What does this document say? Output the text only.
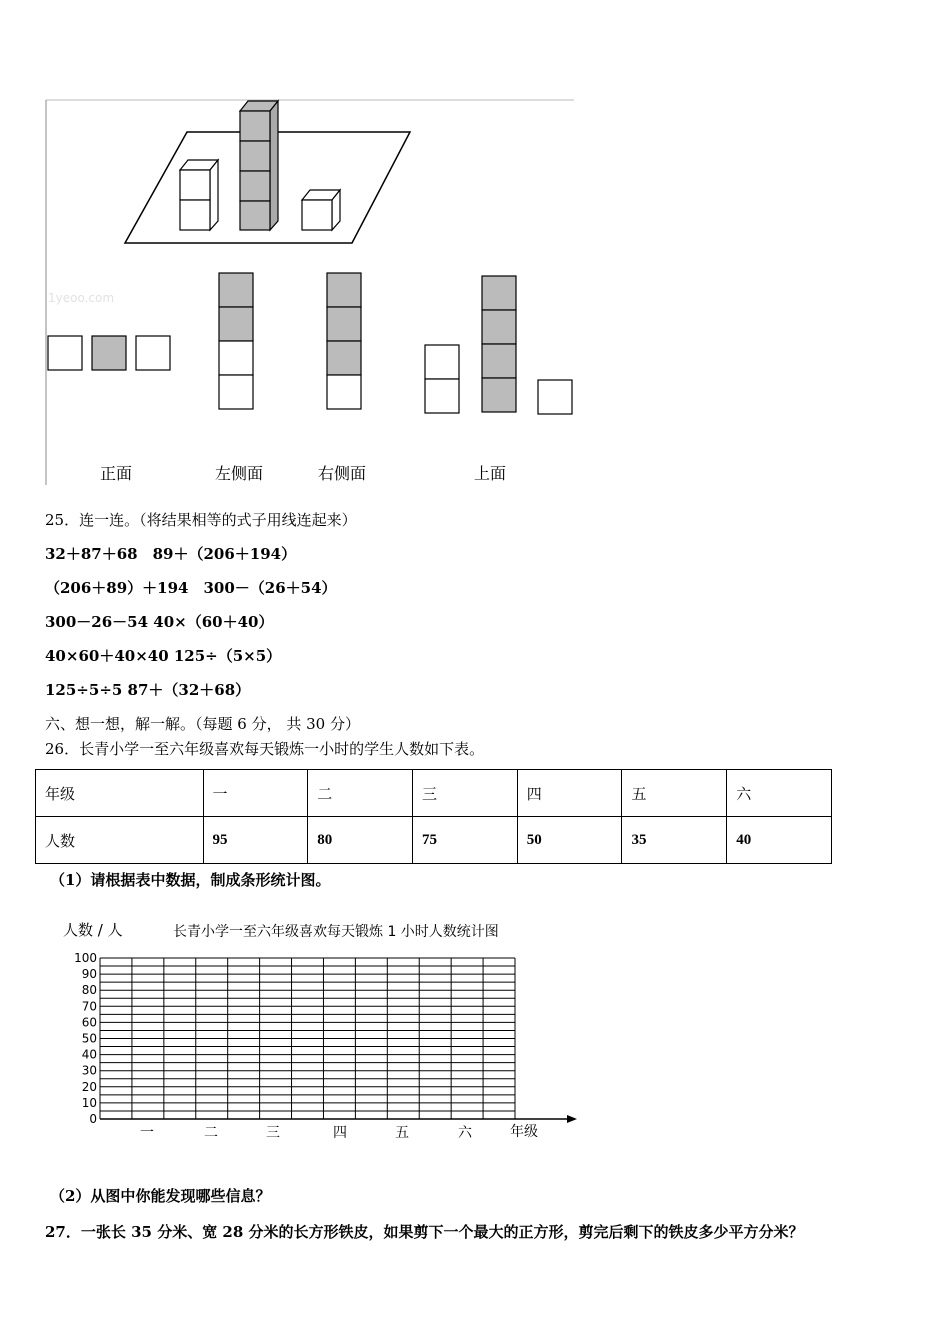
1yeoo.com
正面	左侧面	右侧面	上面
25．连一连。（将结果相等的式子用线连起来）
32＋87＋68　89＋（206＋194）
（206＋89）＋194　300－（26＋54）
300－26－54 40×（60＋40）
40×60＋40×40 125÷（5×5）
125÷5÷5 87＋（32＋68）
六、想一想，解一解。（每题 6 分， 共 30 分）
26．长青小学一至六年级喜欢每天锻炼一小时的学生人数如下表。
年级	一	二	三	四	五	六
人数	95	80	75	50	35	40
（1）请根据表中数据，制成条形统计图。
人数 / 人	长青小学一至六年级喜欢每天锻炼 1 小时人数统计图
0
10
20
30
40
50
60
70
80
90
100
一	二	三	四	五	六	年级
（2）从图中你能发现哪些信息？
27．一张长 35 分米、宽 28 分米的长方形铁皮，如果剪下一个最大的正方形，剪完后剩下的铁皮多少平方分米？
